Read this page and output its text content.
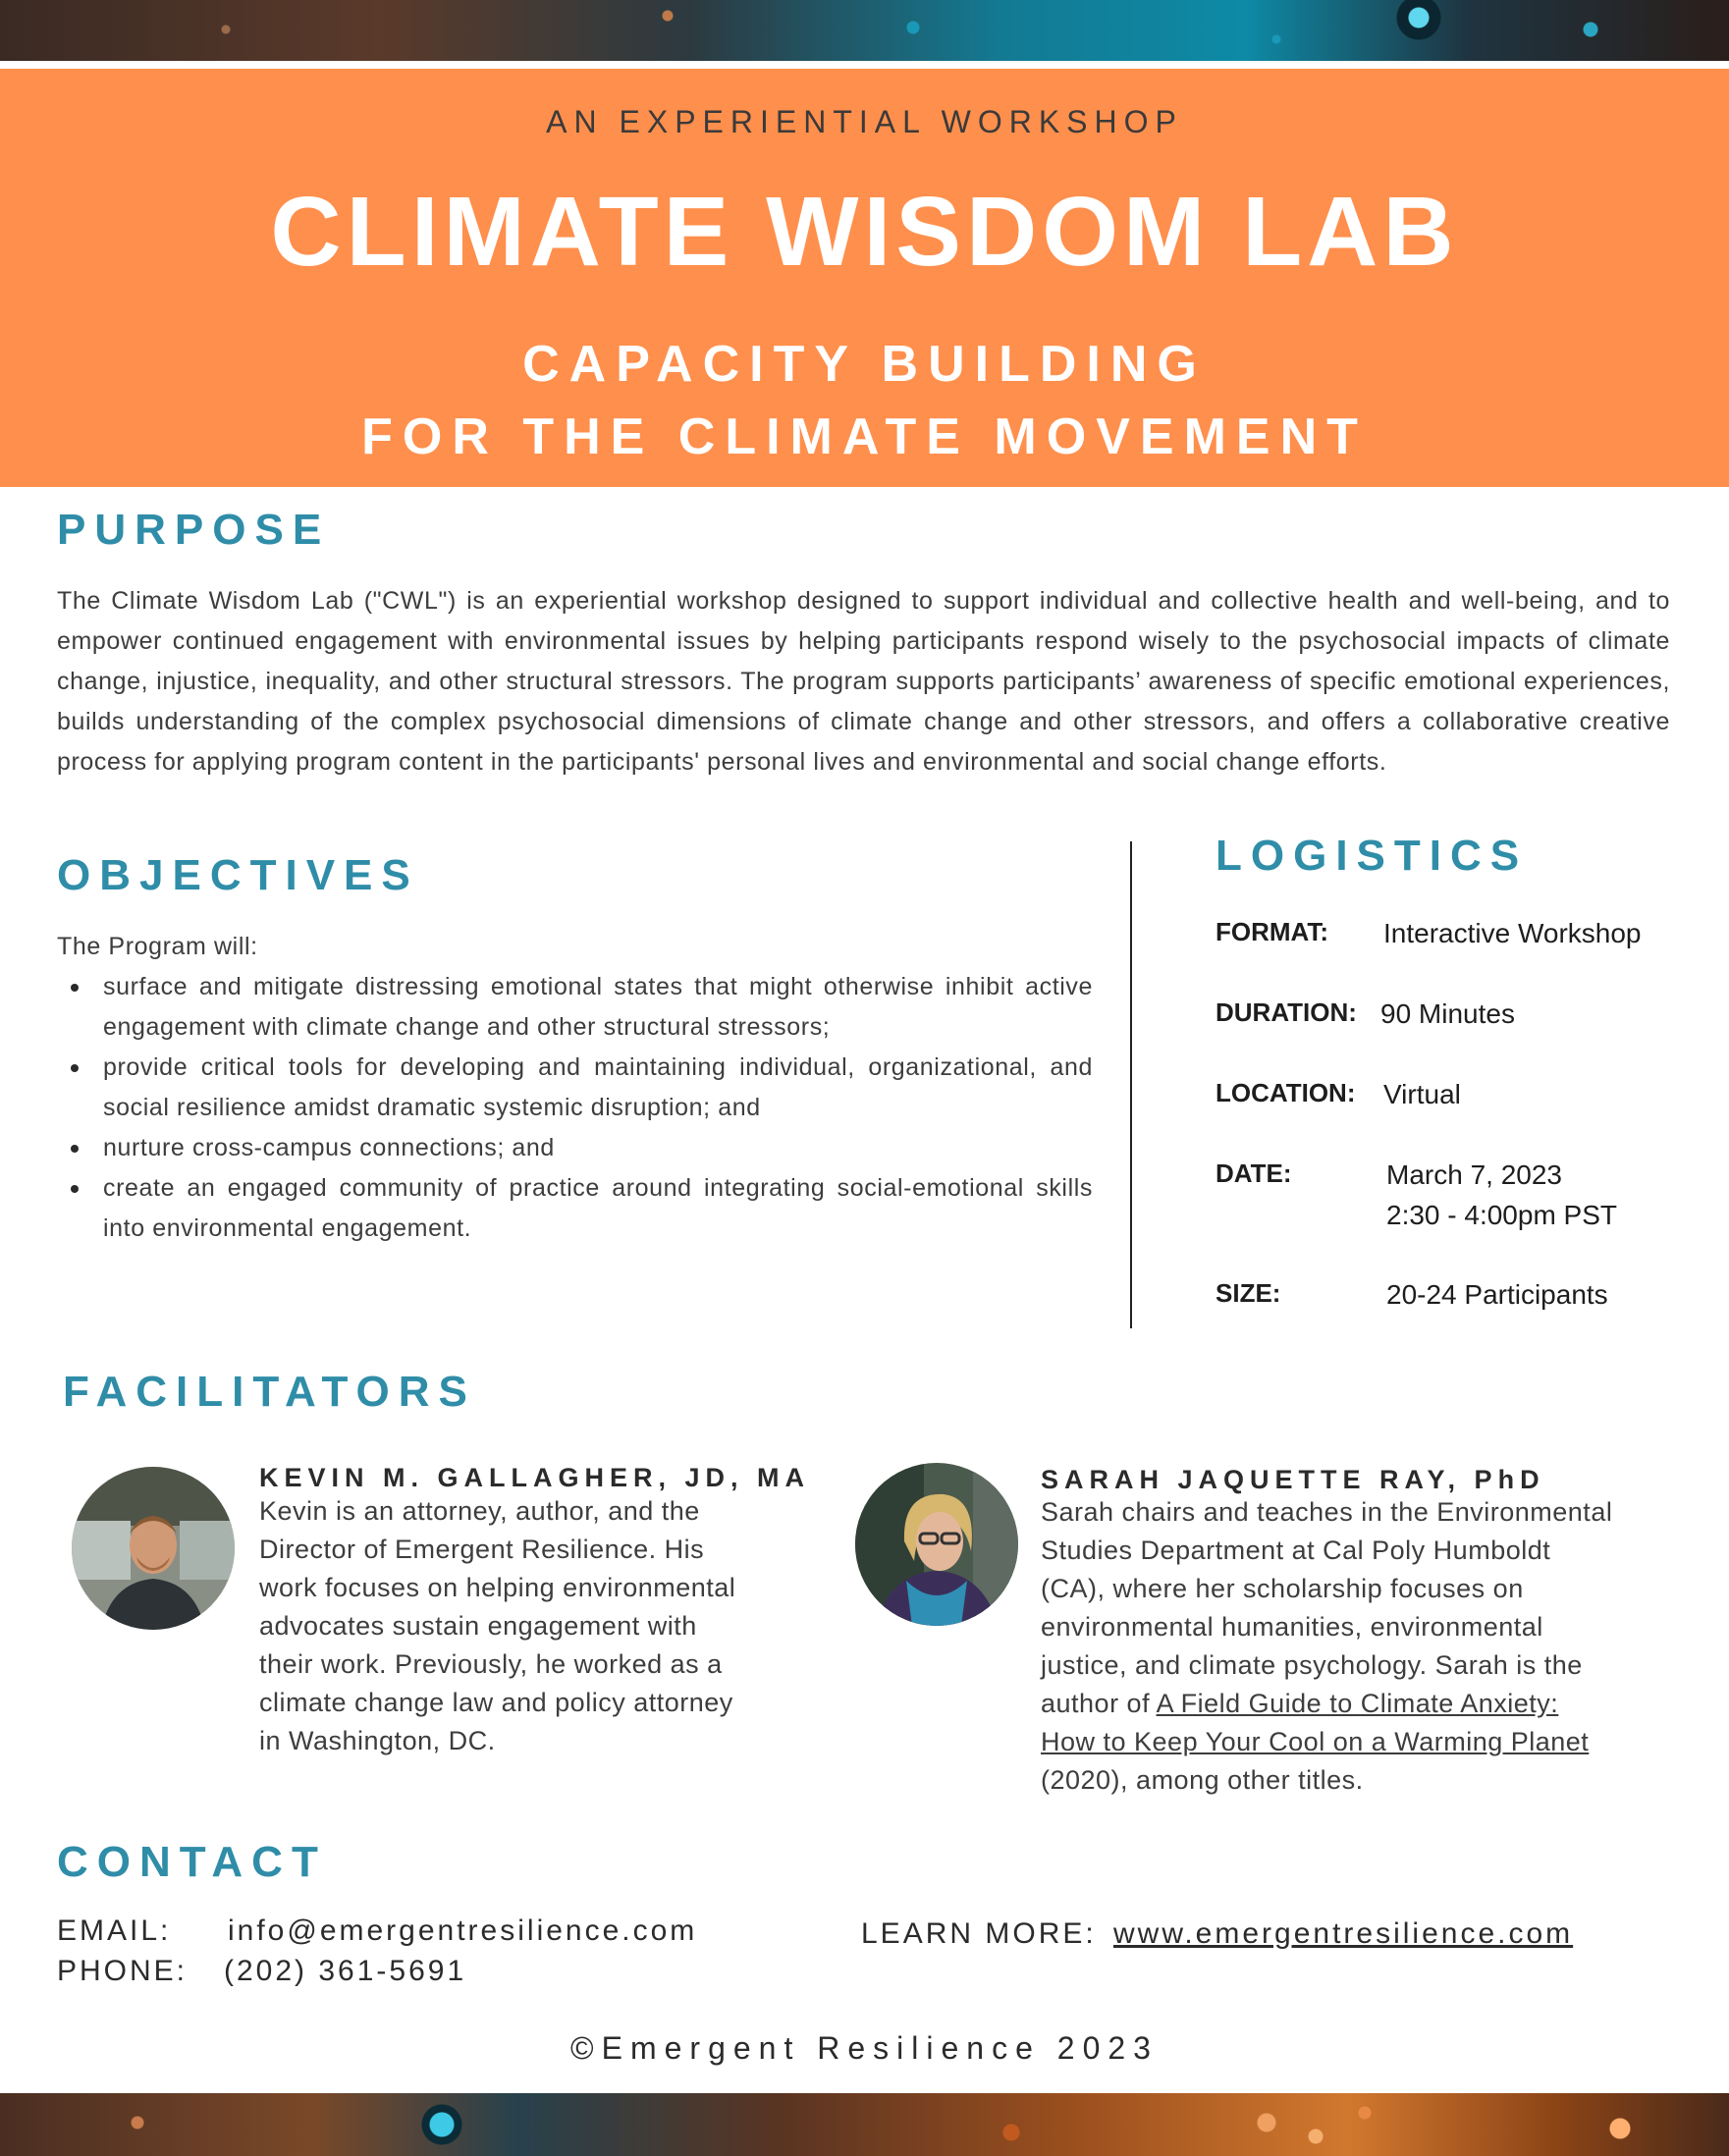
AN EXPERIENTIAL WORKSHOP
CLIMATE WISDOM LAB
CAPACITY BUILDING
FOR THE CLIMATE MOVEMENT
PURPOSE
The Climate Wisdom Lab ("CWL") is an experiential workshop designed to support individual and collective health and well-being, and to empower continued engagement with environmental issues by helping participants respond wisely to the psychosocial impacts of climate change, injustice, inequality, and other structural stressors. The program supports participants’ awareness of specific emotional experiences, builds understanding of the complex psychosocial dimensions of climate change and other stressors, and offers a collaborative creative process for applying program content in the participants' personal lives and environmental and social change efforts.
OBJECTIVES
The Program will:
surface and mitigate distressing emotional states that might otherwise inhibit active engagement with climate change and other structural stressors;
provide critical tools for developing and maintaining individual, organizational, and social resilience amidst dramatic systemic disruption; and
nurture cross-campus connections; and
create an engaged community of practice around integrating social-emotional skills into environmental engagement.
LOGISTICS
FORMAT: Interactive Workshop
DURATION: 90 Minutes
LOCATION: Virtual
DATE:	March 7, 2023
2:30 - 4:00pm PST
SIZE:	20-24 Participants
FACILITATORS
KEVIN M. GALLAGHER, JD, MA
Kevin is an attorney, author, and the
Director of Emergent Resilience. His
work focuses on helping environmental
advocates sustain engagement with
their work. Previously, he worked as a
climate change law and policy attorney
in Washington, DC.
SARAH JAQUETTE RAY, PhD
Sarah chairs and teaches in the Environmental
Studies Department at Cal Poly Humboldt
(CA), where her scholarship focuses on
environmental humanities, environmental
justice, and climate psychology. Sarah is the
author of A Field Guide to Climate Anxiety:
How to Keep Your Cool on a Warming Planet
(2020), among other titles.
CONTACT
EMAIL: info@emergentresilience.com
PHONE: (202) 361-5691
LEARN MORE: www.emergentresilience.com
©Emergent Resilience 2023
